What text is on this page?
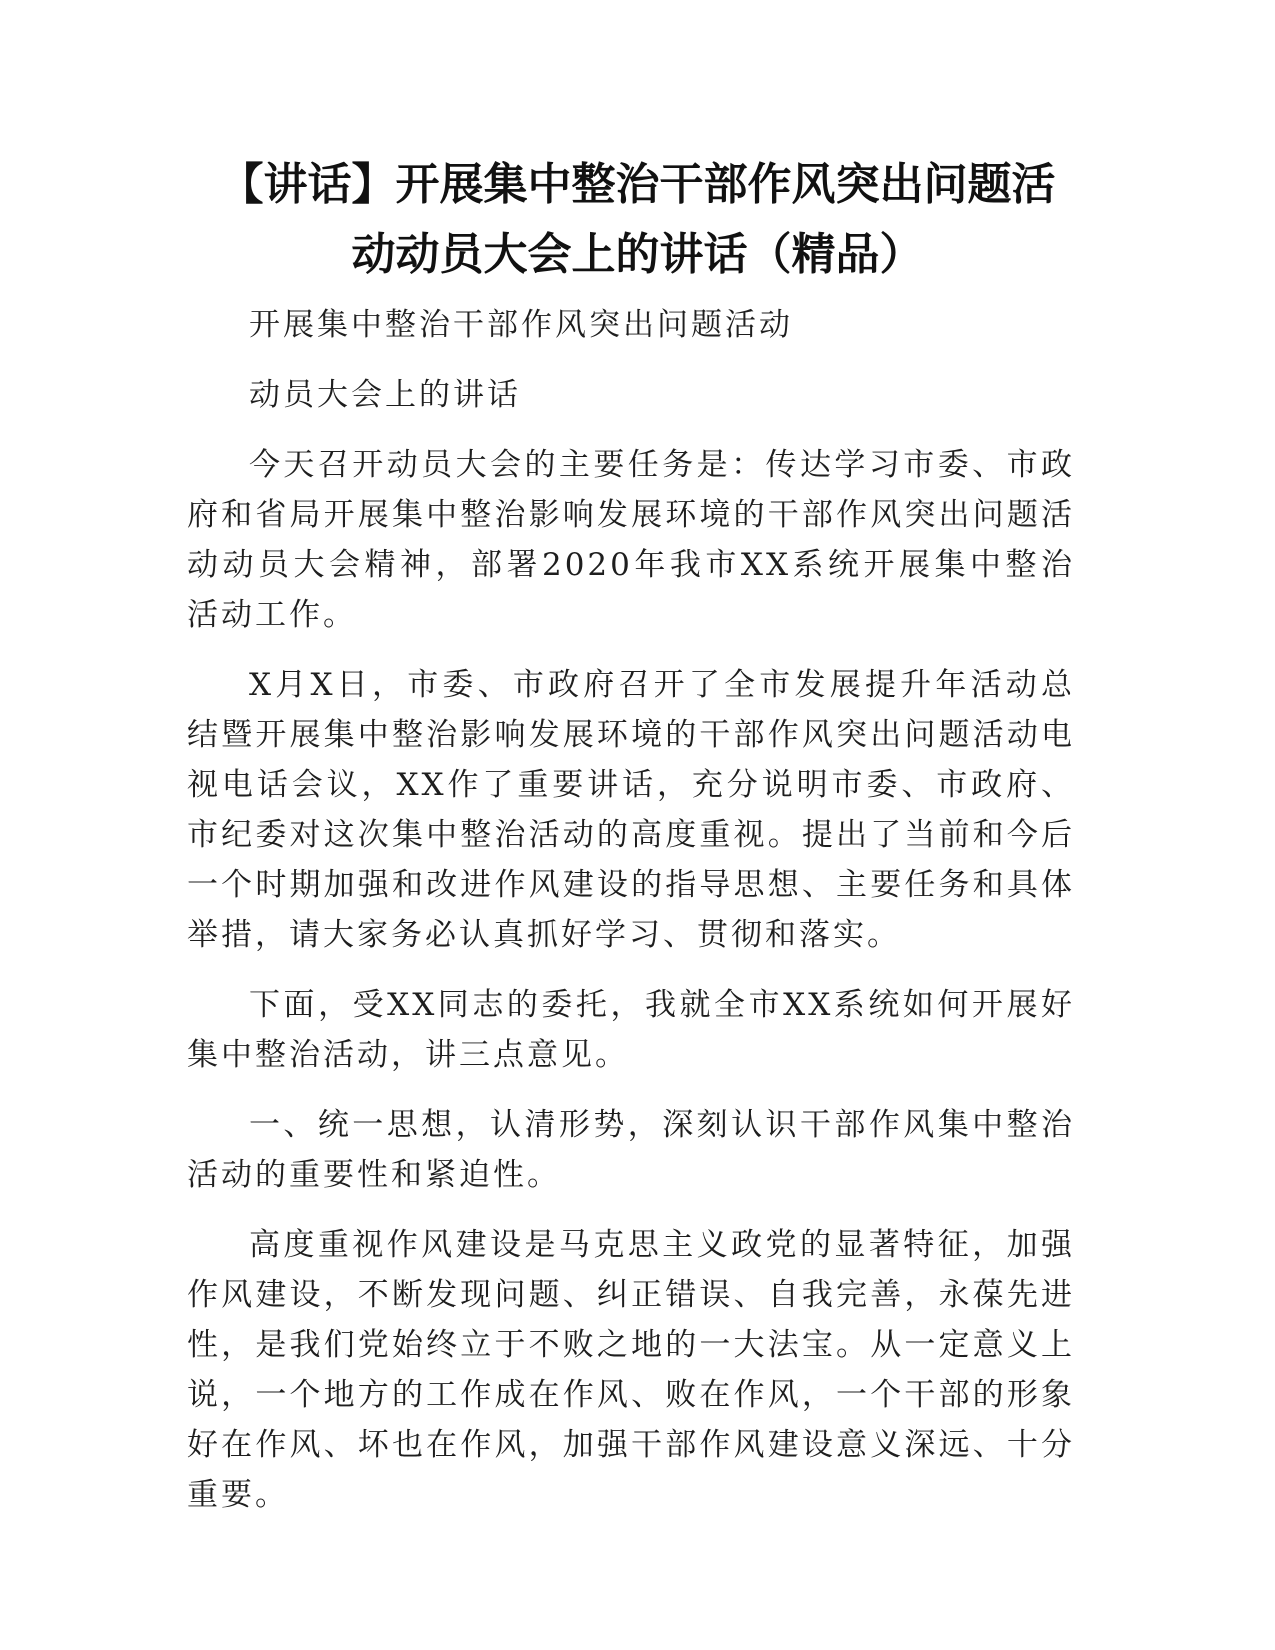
【讲话】开展集中整治干部作风突出问题活
动动员大会上的讲话（精品）

开展集中整治干部作风突出问题活动

动员大会上的讲话

今天召开动员大会的主要任务是：传达学习市委、市政府和省局开展集中整治影响发展环境的干部作风突出问题活动动员大会精神，部署2020年我市XX系统开展集中整治活动工作。

X月X日，市委、市政府召开了全市发展提升年活动总结暨开展集中整治影响发展环境的干部作风突出问题活动电视电话会议，XX作了重要讲话，充分说明市委、市政府、市纪委对这次集中整治活动的高度重视。提出了当前和今后一个时期加强和改进作风建设的指导思想、主要任务和具体举措，请大家务必认真抓好学习、贯彻和落实。

下面，受XX同志的委托，我就全市XX系统如何开展好集中整治活动，讲三点意见。

一、统一思想，认清形势，深刻认识干部作风集中整治活动的重要性和紧迫性。

高度重视作风建设是马克思主义政党的显著特征，加强作风建设，不断发现问题、纠正错误、自我完善，永葆先进性，是我们党始终立于不败之地的一大法宝。从一定意义上说，一个地方的工作成在作风、败在作风，一个干部的形象好在作风、坏也在作风，加强干部作风建设意义深远、十分重要。
